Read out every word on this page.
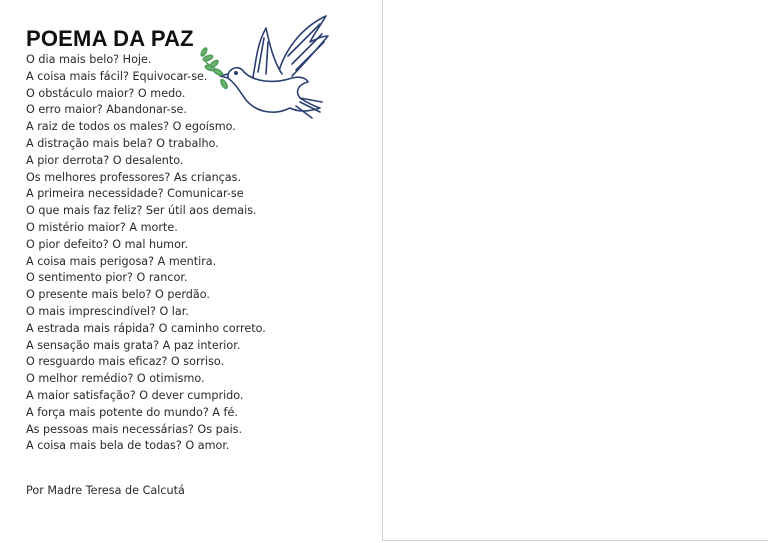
POEMA DA PAZ
O dia mais belo? Hoje.
A coisa mais fácil? Equivocar-se.
O obstáculo maior? O medo.
O erro maior? Abandonar-se.
A raiz de todos os males? O egoísmo.
A distração mais bela? O trabalho.
A pior derrota? O desalento.
Os melhores professores? As crianças.
A primeira necessidade? Comunicar-se
O que mais faz feliz? Ser útil aos demais.
O mistério maior? A morte.
O pior defeito? O mal humor.
A coisa mais perigosa? A mentira.
O sentimento pior? O rancor.
O presente mais belo? O perdão.
O mais imprescindível? O lar.
A estrada mais rápida? O caminho correto.
A sensação mais grata? A paz interior.
O resguardo mais eficaz? O sorriso.
O melhor remédio? O otimismo.
A maior satisfação? O dever cumprido.
A força mais potente do mundo? A fé.
As pessoas mais necessárias? Os pais.
A coisa mais bela de todas? O amor.

Por Madre Teresa de Calcutá
